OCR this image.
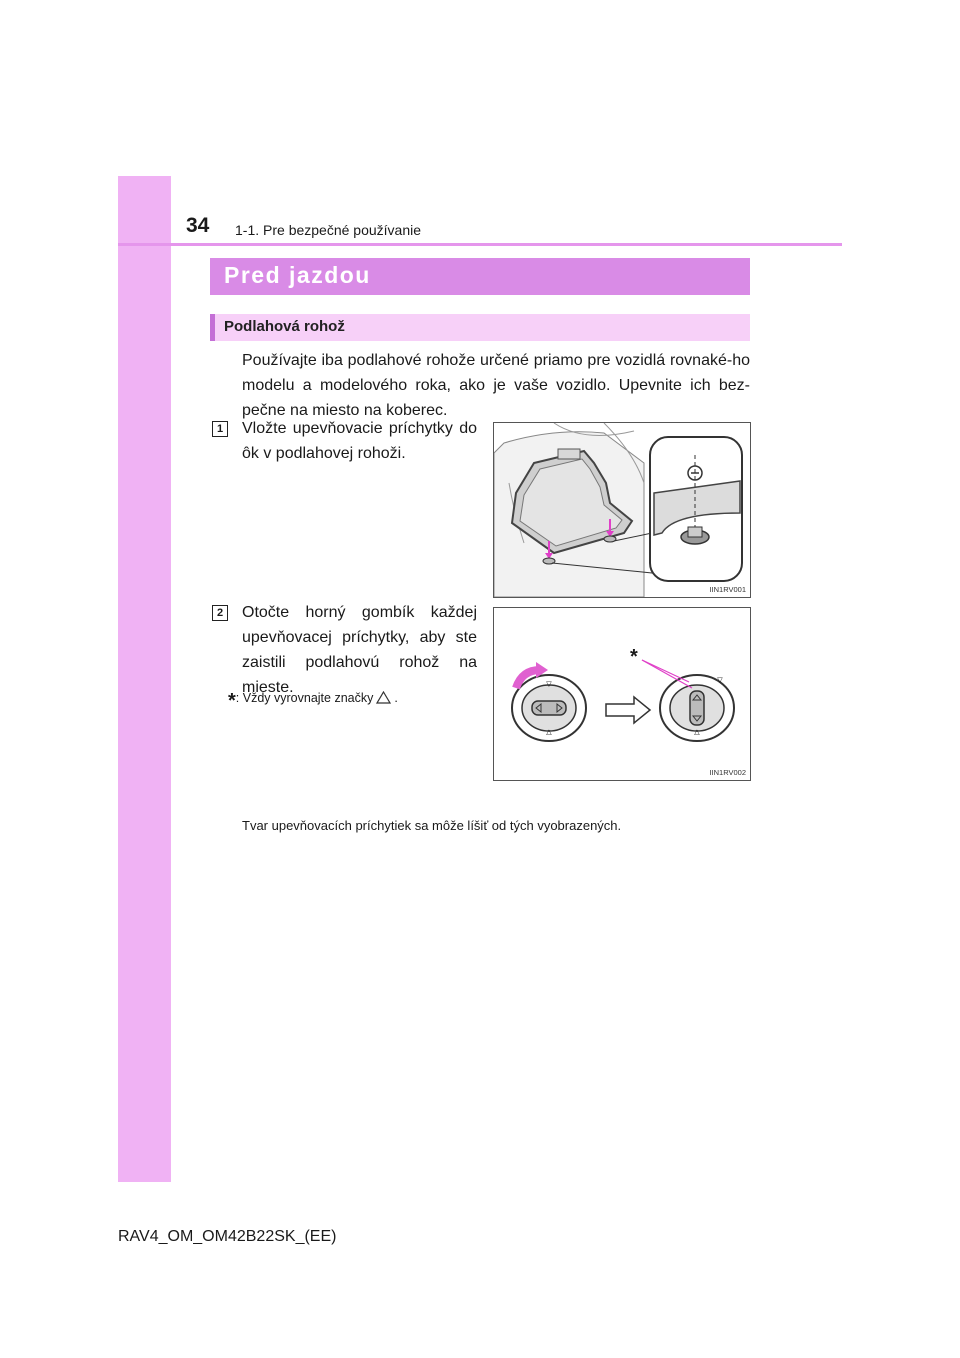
34 1-1. Pre bezpečné používanie
Pred jazdou
Podlahová rohož
Používajte iba podlahové rohože určené priamo pre vozidlá rovnaké-ho modelu a modelového roka, ako je vaše vozidlo. Upevnite ich bez-pečne na miesto na koberec.
1	Vložte upevňovacie príchytky do ôk v podlahovej rohoži.
IIN1RV001
2	Otočte horný gombík každej upevňovacej príchytky, aby ste zaistili podlahovú rohož na mieste.
*: Vždy vyrovnajte značky .
▽
△
▽
△
*
IIN1RV002
Tvar upevňovacích príchytiek sa môže líšiť od tých vyobrazených.
RAV4_OM_OM42B22SK_(EE)
